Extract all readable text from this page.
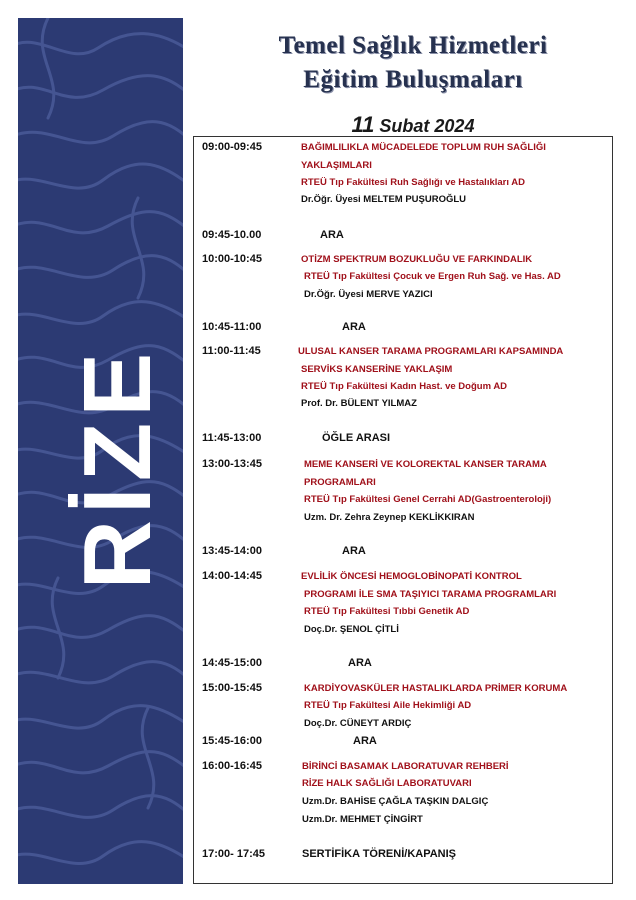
RİZE
Temel Sağlık Hizmetleri
Eğitim Buluşmaları
11 Subat 2024
09:00-09:45	BAĞIMLILIKLA MÜCADELEDE TOPLUM RUH SAĞLIĞI
YAKLAŞIMLARI
RTEÜ Tıp Fakültesi Ruh Sağlığı ve Hastalıkları AD
Dr.Öğr. Üyesi MELTEM PUŞUROĞLU
09:45-10.00	ARA
10:00-10:45	OTİZM SPEKTRUM BOZUKLUĞU VE FARKINDALIK
RTEÜ Tıp Fakültesi Çocuk ve Ergen Ruh Sağ. ve Has. AD
Dr.Öğr. Üyesi MERVE YAZICI
10:45-11:00	ARA
11:00-11:45	ULUSAL KANSER TARAMA PROGRAMLARI KAPSAMINDA
SERVİKS KANSERİNE YAKLAŞIM
RTEÜ Tıp Fakültesi Kadın Hast. ve Doğum AD
Prof. Dr. BÜLENT YILMAZ
11:45-13:00	ÖĞLE ARASI
13:00-13:45	MEME KANSERİ VE KOLOREKTAL KANSER TARAMA
PROGRAMLARI
RTEÜ Tıp Fakültesi Genel Cerrahi AD(Gastroenteroloji)
Uzm. Dr. Zehra Zeynep KEKLİKKIRAN
13:45-14:00	ARA
14:00-14:45	EVLİLİK ÖNCESİ HEMOGLOBİNOPATİ KONTROL
PROGRAMI İLE SMA TAŞIYICI TARAMA PROGRAMLARI
RTEÜ Tıp Fakültesi Tıbbi Genetik AD
Doç.Dr. ŞENOL ÇİTLİ
14:45-15:00	ARA
15:00-15:45	KARDİYOVASKÜLER HASTALIKLARDA PRİMER KORUMA
RTEÜ Tıp Fakültesi Aile Hekimliği AD
Doç.Dr. CÜNEYT ARDIÇ
15:45-16:00	ARA
16:00-16:45	BİRİNCİ BASAMAK LABORATUVAR REHBERİ
RİZE HALK SAĞLIĞI LABORATUVARI
Uzm.Dr. BAHİSE ÇAĞLA TAŞKIN DALGIÇ
Uzm.Dr. MEHMET ÇİNGİRT
17:00- 17:45	SERTİFİKA TÖRENİ/KAPANIŞ
